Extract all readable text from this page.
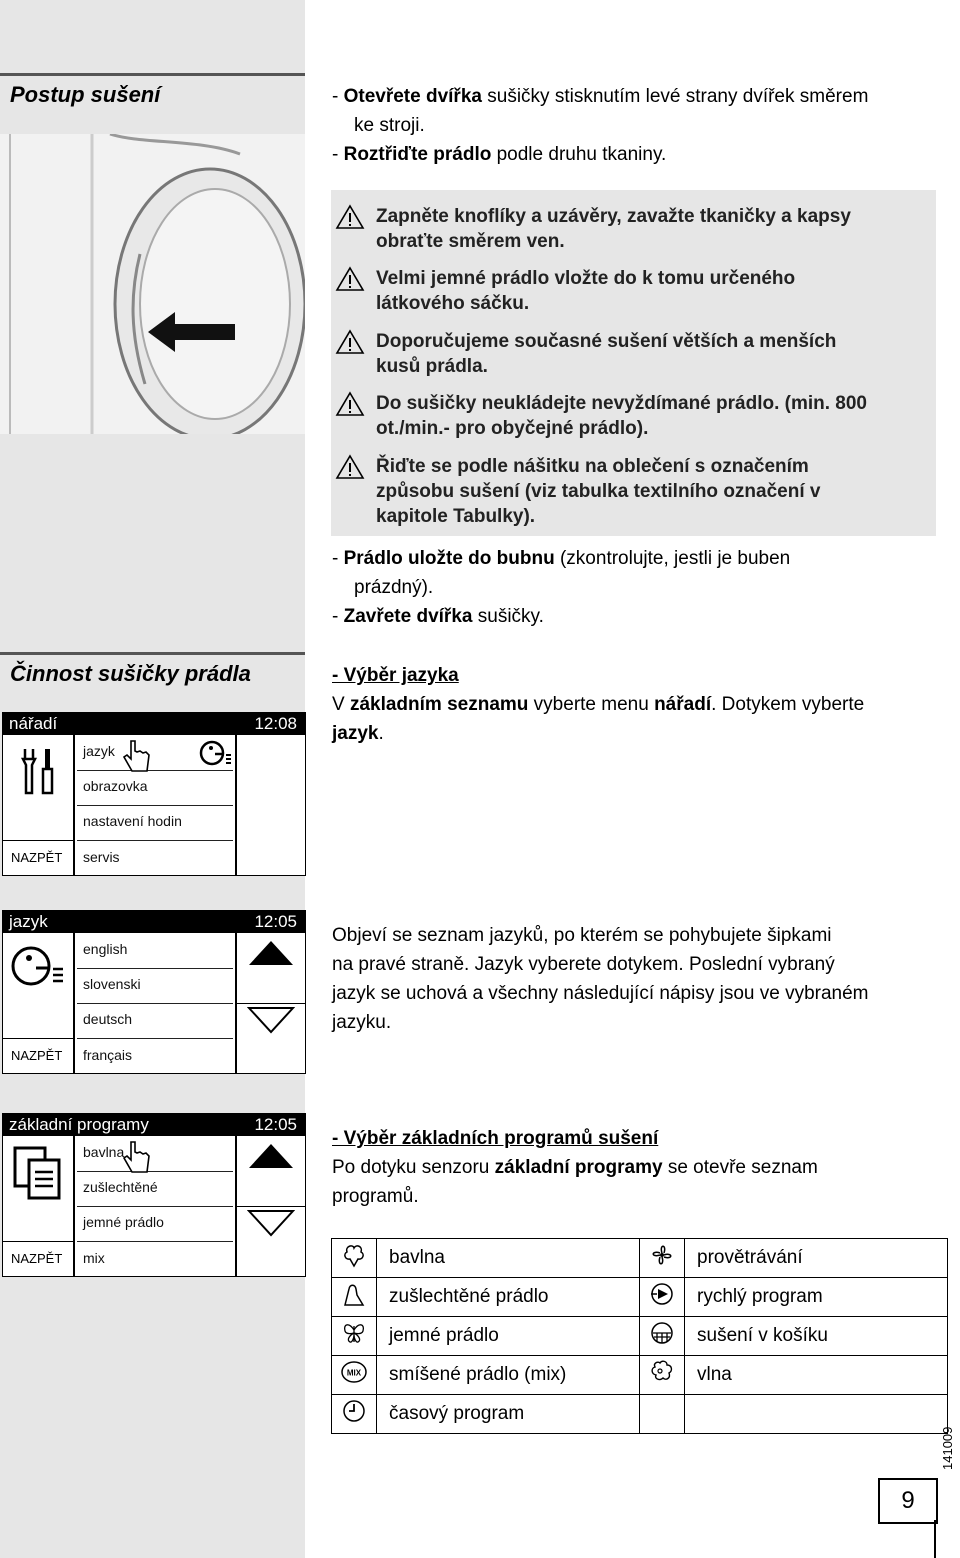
Postup sušení	- Otevřete dvířka sušičky stisknutím levé strany dvířek směrem
ke stroji.
- Roztřiďte prádlo podle druhu tkaniny.
Zapněte knoflíky a uzávěry, zavažte tkaničky a kapsy
obraťte směrem ven.
Velmi jemné prádlo vložte do k tomu určeného
látkového sáčku.
Doporučujeme současné sušení větších a menších
kusů prádla.
Do sušičky neukládejte nevyždímané prádlo. (min. 800
ot./min.- pro obyčejné prádlo).
Řiďte se podle nášitku na oblečení s označením
způsobu sušení (viz tabulka textilního označení v
kapitole Tabulky).
- Prádlo uložte do bubnu (zkontrolujte, jestli je buben
prázdný).
- Zavřete dvířka sušičky.
Činnost sušičky prádla
nářadí	12:08
jazyk
obrazovka
nastavení hodin
servis
NAZPĚT
- Výběr jazyka
V základním seznamu vyberte menu nářadí. Dotykem vyberte
jazyk.
jazyk	12:05
english
slovenski
deutsch
français
NAZPĚT
Objeví se seznam jazyků, po kterém se pohybujete šipkami
na pravé straně. Jazyk vyberete dotykem. Poslední vybraný
jazyk se uchová a všechny následující nápisy jsou ve vybraném
jazyku.
základní programy	12:05
bavlna
zušlechtěné
jemné prádlo
mix
NAZPĚT
- Výběr základních programů sušení
Po dotyku senzoru základní programy se otevře seznam
programů.
	bavlna		provětrávání
	zušlechtěné prádlo		rychlý program
	jemné prádlo		sušení v košíku

MIX	smíšené prádlo (mix)		vlna
	časový program		
141009
9
